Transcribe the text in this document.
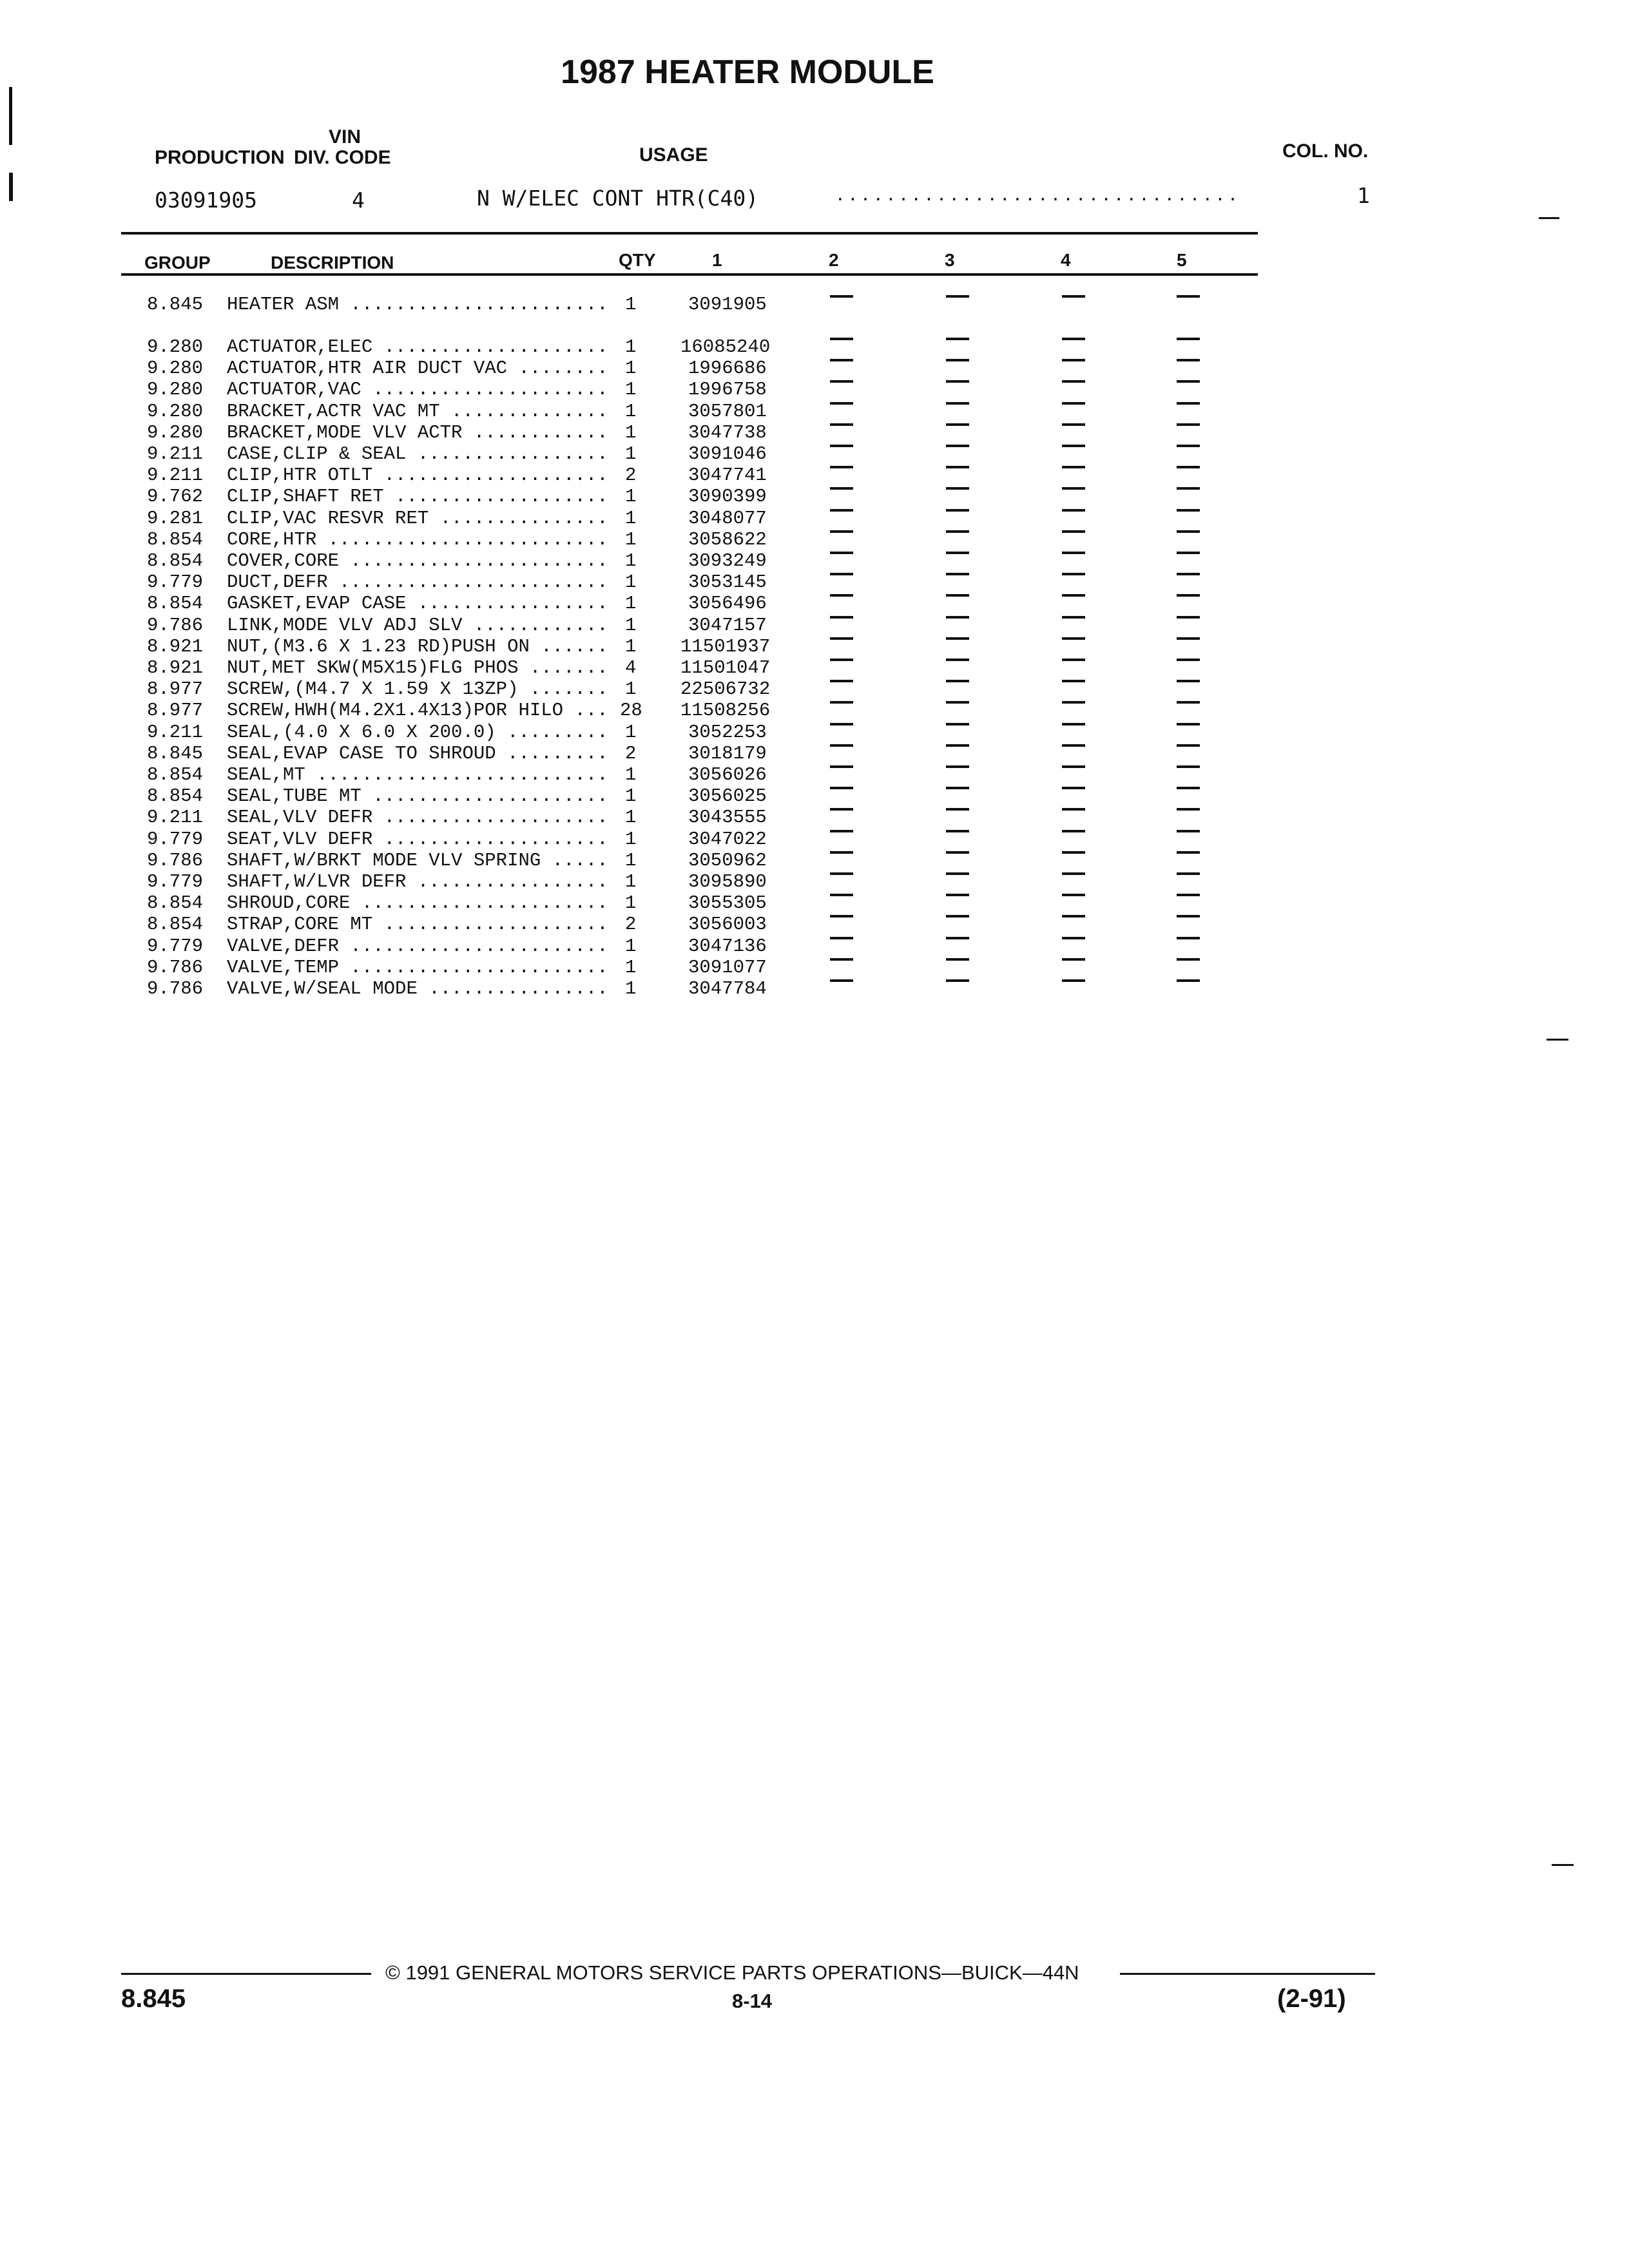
1987 HEATER MODULE
VIN
PRODUCTION DIV. CODE	USAGE	COL. NO.
03091905	4	N W/ELEC CONT HTR(C40)	................................	1
GROUP	DESCRIPTION	QTY	1	2	3	4	5
8.845 HEATER ASM ....................... 1	3091905
9.280 ACTUATOR,ELEC .................... 1 16085240
9.280 ACTUATOR,HTR AIR DUCT VAC ........ 1	1996686
9.280 ACTUATOR,VAC ..................... 1	1996758
9.280 BRACKET,ACTR VAC MT .............. 1	3057801
9.280 BRACKET,MODE VLV ACTR ............ 1	3047738
9.211 CASE,CLIP & SEAL ................. 1	3091046
9.211 CLIP,HTR OTLT .................... 2	3047741
9.762 CLIP,SHAFT RET ................... 1	3090399
9.281 CLIP,VAC RESVR RET ............... 1	3048077
8.854 CORE,HTR ......................... 1	3058622
8.854 COVER,CORE ....................... 1	3093249
9.779 DUCT,DEFR ........................ 1	3053145
8.854 GASKET,EVAP CASE ................. 1	3056496
9.786 LINK,MODE VLV ADJ SLV ............ 1	3047157
8.921 NUT,(M3.6 X 1.23 RD)PUSH ON ...... 1 11501937
8.921 NUT,MET SKW(M5X15)FLG PHOS ....... 4 11501047
8.977 SCREW,(M4.7 X 1.59 X 13ZP) ....... 1 22506732
8.977 SCREW,HWH(M4.2X1.4X13)POR HILO ... 28 11508256
9.211 SEAL,(4.0 X 6.0 X 200.0) ......... 1	3052253
8.845 SEAL,EVAP CASE TO SHROUD ......... 2	3018179
8.854 SEAL,MT .......................... 1	3056026
8.854 SEAL,TUBE MT ..................... 1	3056025
9.211 SEAL,VLV DEFR .................... 1	3043555
9.779 SEAT,VLV DEFR .................... 1	3047022
9.786 SHAFT,W/BRKT MODE VLV SPRING ..... 1	3050962
9.779 SHAFT,W/LVR DEFR ................. 1	3095890
8.854 SHROUD,CORE ...................... 1	3055305
8.854 STRAP,CORE MT .................... 2	3056003
9.779 VALVE,DEFR ....................... 1	3047136
9.786 VALVE,TEMP ....................... 1	3091077
9.786 VALVE,W/SEAL MODE ................ 1	3047784
© 1991 GENERAL MOTORS SERVICE PARTS OPERATIONS—BUICK—44N
8.845	8-14	(2-91)
